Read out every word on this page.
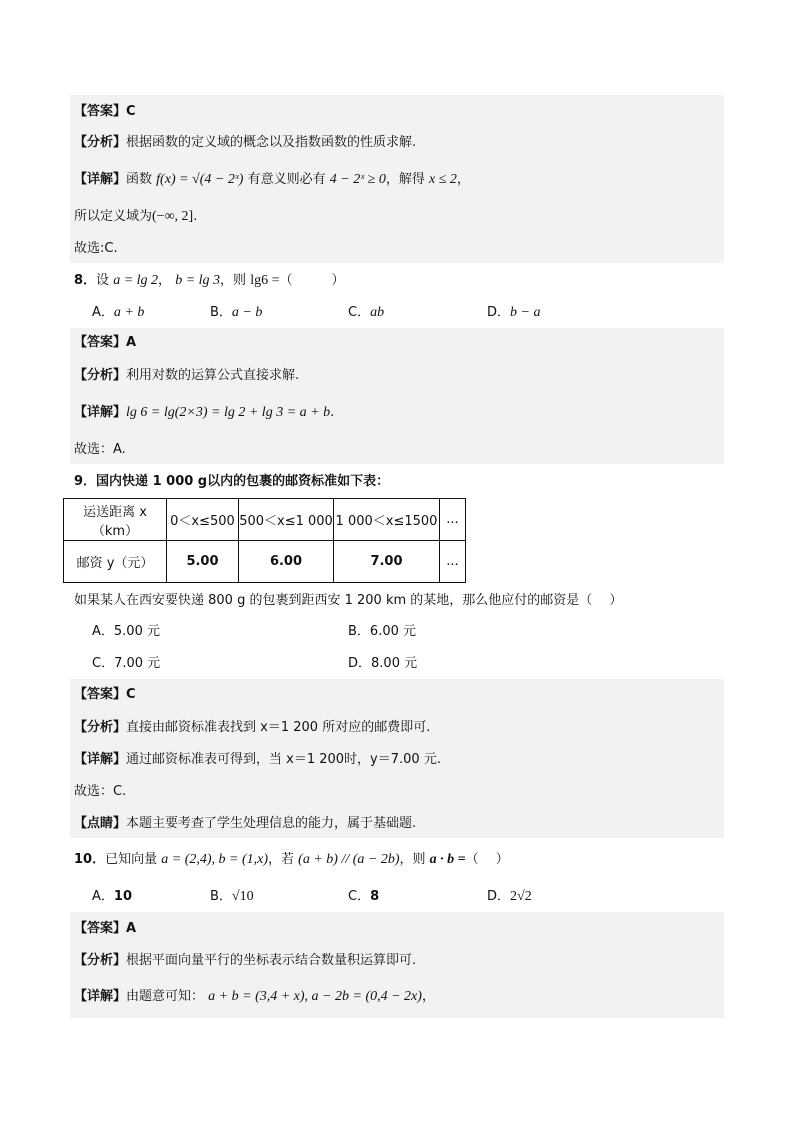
【答案】C
【分析】根据函数的定义域的概念以及指数函数的性质求解.
【详解】函数 f(x) = √(4 − 2ˣ) 有意义则必有 4 − 2ˣ ≥ 0，解得 x ≤ 2，
所以定义域为(−∞, 2].
故选:C.
8．设 a = lg 2， b = lg 3，则 lg6 =（　　　）
A．a + b	B．a − b	C．ab	D．b − a
【答案】A
【分析】利用对数的运算公式直接求解.
【详解】lg 6 = lg(2×3) = lg 2 + lg 3 = a + b.
故选：A.
9．国内快递 1 000 g以内的包裹的邮资标准如下表：
运送距离 x（km）	0＜x≤500	500＜x≤1 000	1 000＜x≤1500	...
邮资 y（元）	5.00	6.00	7.00	...
如果某人在西安要快递 800 g 的包裹到距西安 1 200 km 的某地，那么他应付的邮资是（　 ）
A．5.00 元	B．6.00 元
C．7.00 元	D．8.00 元
【答案】C
【分析】直接由邮资标准表找到 x＝1 200 所对应的邮费即可.
【详解】通过邮资标准表可得到，当 x＝1 200时，y＝7.00 元.
故选：C.
【点睛】本题主要考查了学生处理信息的能力，属于基础题.
10．已知向量 a = (2,4), b = (1,x)，若 (a + b) // (a − 2b)，则 a · b =（　 ）
A．10	B．√10	C．8	D．2√2
【答案】A
【分析】根据平面向量平行的坐标表示结合数量积运算即可.
【详解】由题意可知： a + b = (3,4 + x), a − 2b = (0,4 − 2x)，
